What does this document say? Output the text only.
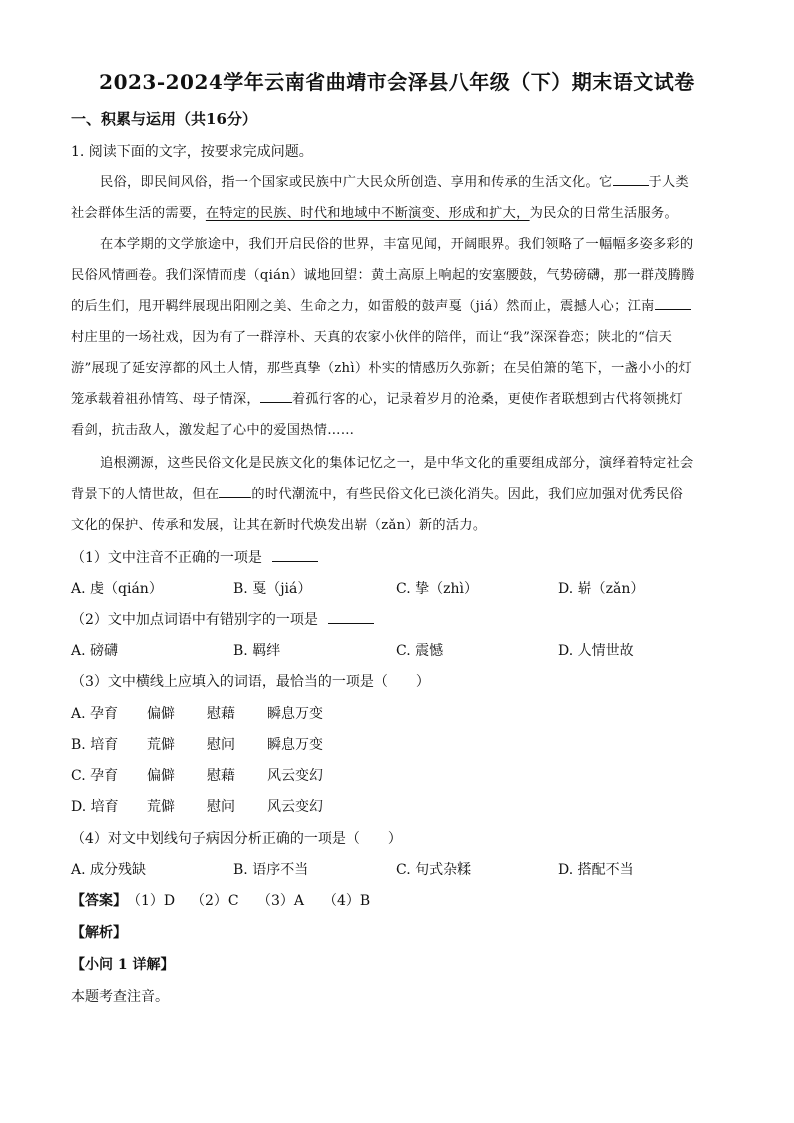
2023-2024学年云南省曲靖市会泽县八年级（下）期末语文试卷
一、积累与运用（共16分）
1. 阅读下面的文字，按要求完成问题。
民俗，即民间风俗，指一个国家或民族中广大民众所创造、享用和传承的生活文化。它	于人类
社会群体生活的需要，在特定的民族、时代和地域中不断演变、形成和扩大，为民众的日常生活服务。
在本学期的文学旅途中，我们开启民俗的世界，丰富见闻，开阔眼界。我们领略了一幅幅多姿多彩的
民俗风情画卷。我们深情而虔（qián）诚地回望：黄土高原上响起的安塞腰鼓，气势磅礴，那一群茂腾腾
的后生们，甩开羁绊展现出阳刚之美、生命之力，如雷般的鼓声戛（jiá）然而止，震撼人心；江南
村庄里的一场社戏，因为有了一群淳朴、天真的农家小伙伴的陪伴，而让“我”深深眷恋；陕北的“信天
游”展现了延安淳都的风土人情，那些真挚（zhì）朴实的情感历久弥新；在吴伯箫的笔下，一盏小小的灯
笼承载着祖孙情笃、母子情深， 着孤行客的心，记录着岁月的沧桑，更使作者联想到古代将领挑灯
看剑，抗击敌人，激发起了心中的爱国热情……
追根溯源，这些民俗文化是民族文化的集体记忆之一，是中华文化的重要组成部分，演绎着特定社会
背景下的人情世故，但在 的时代潮流中，有些民俗文化已淡化消失。因此，我们应加强对优秀民俗
文化的保护、传承和发展，让其在新时代焕发出崭（zǎn）新的活力。
（1）文中注音不正确的一项是
A. 虔（qián）	B. 戛（jiá）	C. 挚（zhì）	D. 崭（zǎn）
（2）文中加点词语中有错别字的一项是
A. 磅礴	B. 羁绊	C. 震憾	D. 人情世故
（3）文中横线上应填入的词语，最恰当的一项是（　　）
A. 孕育 偏僻 慰藉 瞬息万变
B. 培育 荒僻 慰问 瞬息万变
C. 孕育 偏僻 慰藉 风云变幻
D. 培育 荒僻 慰问 风云变幻
（4）对文中划线句子病因分析正确的一项是（　　）
A. 成分残缺	B. 语序不当	C. 句式杂糅	D. 搭配不当
【答案】（1）D （2）C （3）A （4）B
【解析】
【小问 1 详解】
本题考查注音。
